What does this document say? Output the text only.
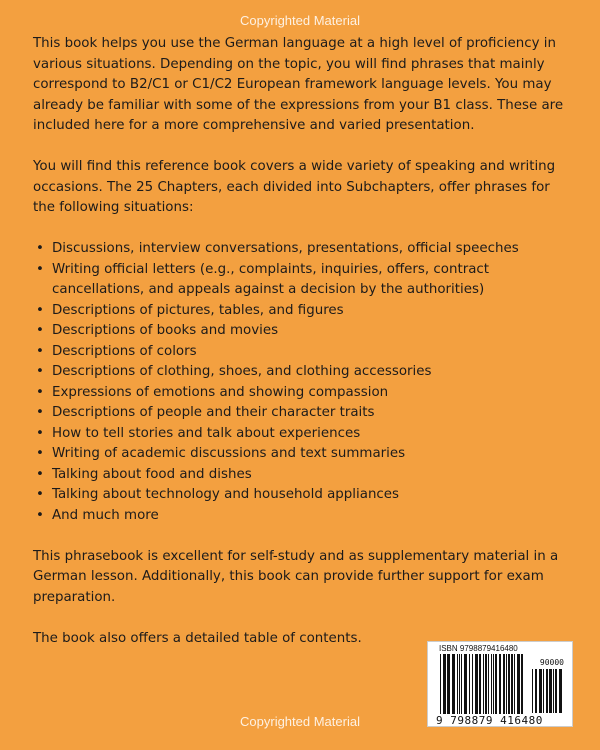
Copyrighted Material

This book helps you use the German language at a high level of proficiency in various situations. Depending on the topic, you will find phrases that mainly correspond to B2/C1 or C1/C2 European framework language levels. You may already be familiar with some of the expressions from your B1 class. These are included here for a more comprehensive and varied presentation.

You will find this reference book covers a wide variety of speaking and writing occasions. The 25 Chapters, each divided into Subchapters, offer phrases for the following situations:

• Discussions, interview conversations, presentations, official speeches
• Writing official letters (e.g., complaints, inquiries, offers, contract cancellations, and appeals against a decision by the authorities)
• Descriptions of pictures, tables, and figures
• Descriptions of books and movies
• Descriptions of colors
• Descriptions of clothing, shoes, and clothing accessories
• Expressions of emotions and showing compassion
• Descriptions of people and their character traits
• How to tell stories and talk about experiences
• Writing of academic discussions and text summaries
• Talking about food and dishes
• Talking about technology and household appliances
• And much more

This phrasebook is excellent for self-study and as supplementary material in a German lesson. Additionally, this book can provide further support for exam preparation.

The book also offers a detailed table of contents.

ISBN 9798879416480
90000
9 798879 416480
Copyrighted Material
